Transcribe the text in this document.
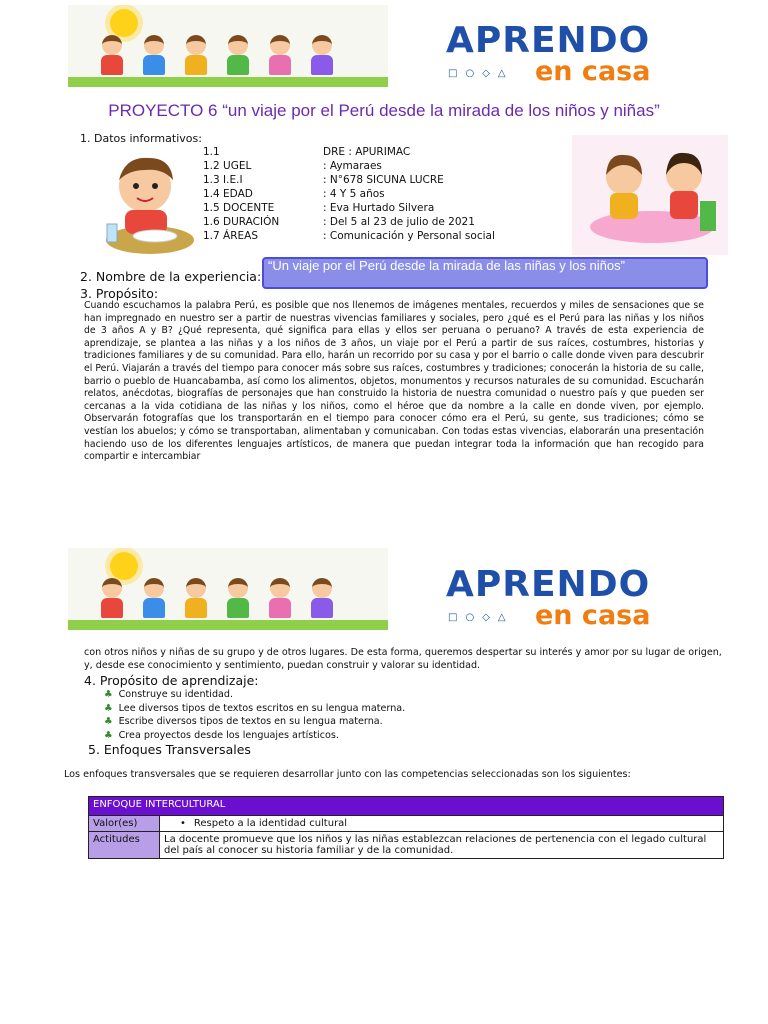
APRENDO
□○◇△ en casa
PROYECTO 6 “un viaje por el Perú desde la mirada de los niños y niñas”
1. Datos informativos:
1.1	DRE : APURIMAC
1.2 UGEL	: Aymaraes
1.3 I.E.I	: N°678 SICUNA LUCRE
1.4 EDAD	: 4 Y 5 años
1.5 DOCENTE	: Eva Hurtado Silvera
1.6 DURACIÓN	: Del 5 al 23 de julio de 2021
1.7 ÁREAS	: Comunicación y Personal social
2. Nombre de la experiencia:
“Un viaje por el Perú desde la mirada de las niñas y los niños”
3. Propósito:
Cuando escuchamos la palabra Perú, es posible que nos llenemos de imágenes mentales, recuerdos y miles de sensaciones que se han impregnado en nuestro ser a partir de nuestras vivencias familiares y sociales, pero ¿qué es el Perú para las niñas y los niños de 3 años A y B? ¿Qué representa, qué significa para ellas y ellos ser peruana o peruano? A través de esta experiencia de aprendizaje, se plantea a las niñas y a los niños de 3 años, un viaje por el Perú a partir de sus raíces, costumbres, historias y tradiciones familiares y de su comunidad. Para ello, harán un recorrido por su casa y por el barrio o calle donde viven para descubrir el Perú. Viajarán a través del tiempo para conocer más sobre sus raíces, costumbres y tradiciones; conocerán la historia de su calle, barrio o pueblo de Huancabamba, así como los alimentos, objetos, monumentos y recursos naturales de su comunidad. Escucharán relatos, anécdotas, biografías de personajes que han construido la historia de nuestra comunidad o nuestro país y que pueden ser cercanas a la vida cotidiana de las niñas y los niños, como el héroe que da nombre a la calle en donde viven, por ejemplo. Observarán fotografías que los transportarán en el tiempo para conocer cómo era el Perú, su gente, sus tradiciones; cómo se vestían los abuelos; y cómo se transportaban, alimentaban y comunicaban. Con todas estas vivencias, elaborarán una presentación haciendo uso de los diferentes lenguajes artísticos, de manera que puedan integrar toda la información que han recogido para compartir e intercambiar
APRENDO
□○◇△ en casa
con otros niños y niñas de su grupo y de otros lugares. De esta forma, queremos despertar su interés y amor por su lugar de origen,
y, desde ese conocimiento y sentimiento, puedan construir y valorar su identidad.
4. Propósito de aprendizaje:
♣ Construye su identidad.
♣ Lee diversos tipos de textos escritos en su lengua materna.
♣ Escribe diversos tipos de textos en su lengua materna.
♣ Crea proyectos desde los lenguajes artísticos.
5. Enfoques Transversales
Los enfoques transversales que se requieren desarrollar junto con las competencias seleccionadas son los siguientes:
ENFOQUE INTERCULTURAL	
Valor(es)	• Respeto a la identidad cultural
Actitudes	La docente promueve que los niños y las niñas establezcan relaciones de pertenencia con el legado cultural del país al conocer su historia familiar y de la comunidad.
